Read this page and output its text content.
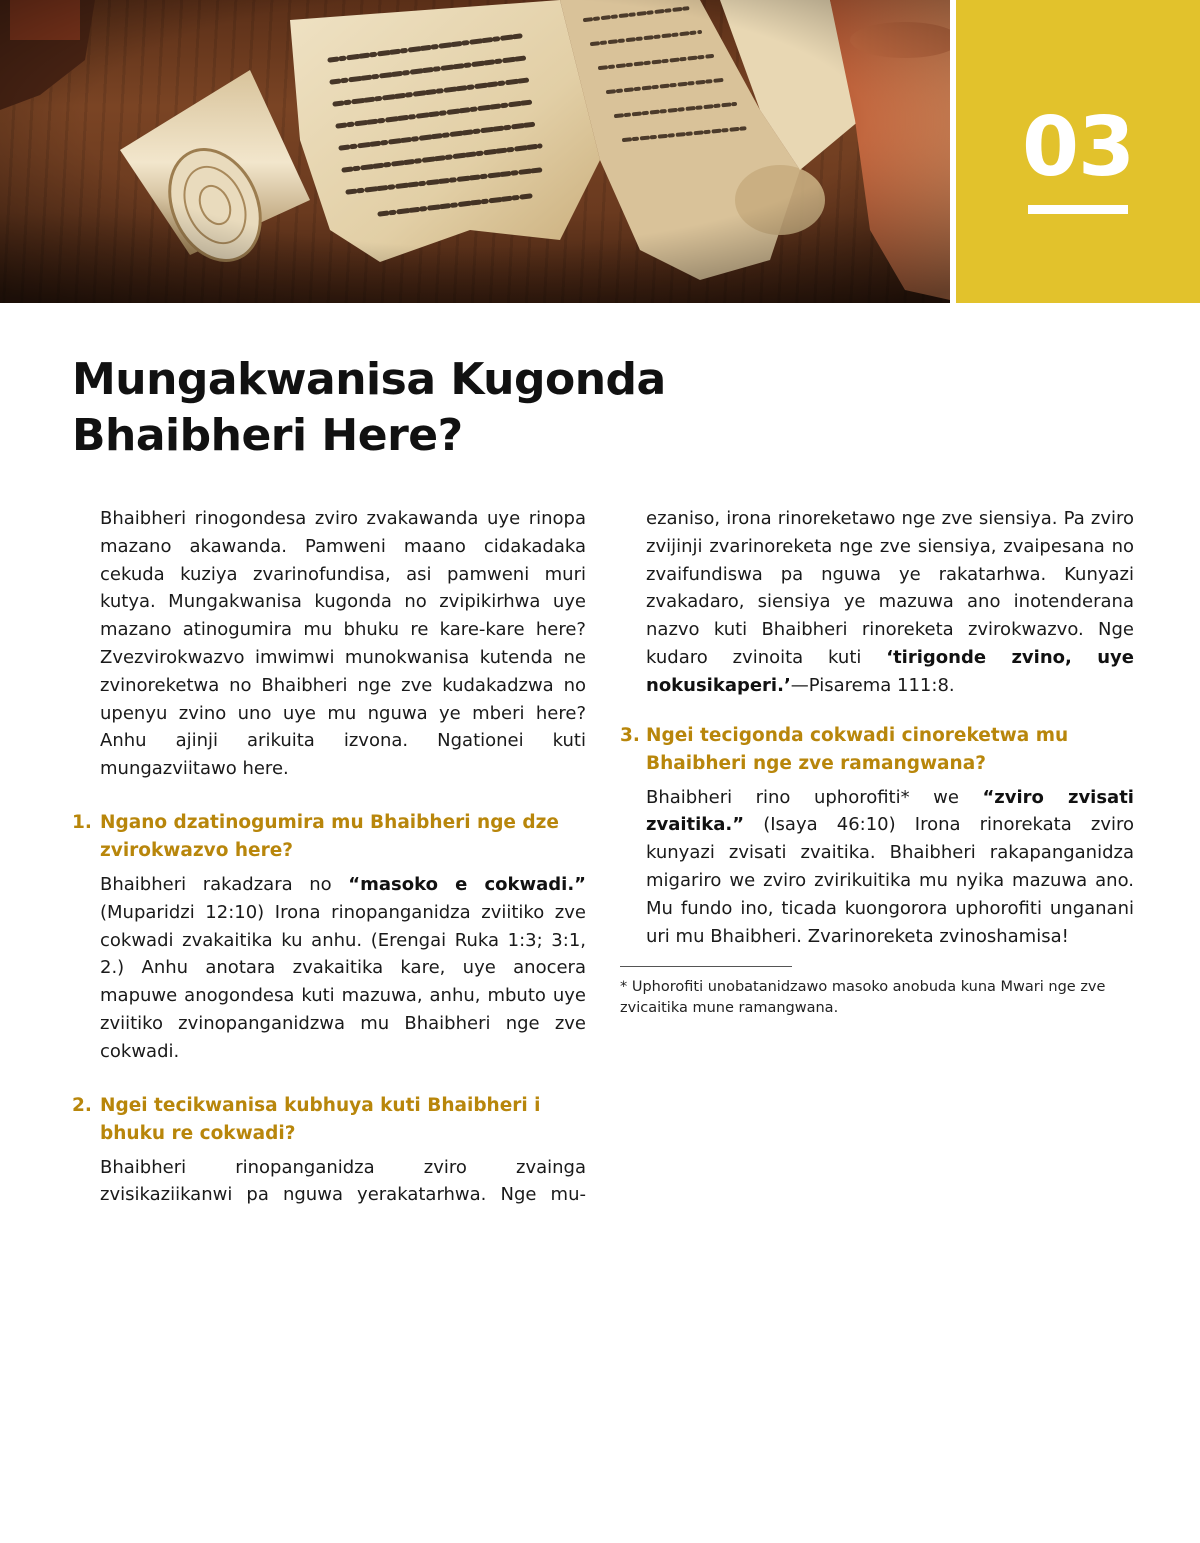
03
Mungakwanisa Kugonda
Bhaibheri Here?

Bhaibheri rinogondesa zviro zvakawanda uye rinopa mazano akawanda. Pamweni maano cidakadaka cekuda kuziya zvarinofundisa, asi pamweni muri kutya. Mungakwanisa kugonda no zvipikirhwa uye mazano atinogumira mu bhuku re kare-kare here? Zvezvirokwazvo imwimwi munokwanisa kutenda ne zvinoreketwa no Bhaibheri nge zve kudakadzwa no upenyu zvino uno uye mu nguwa ye mberi here? Anhu ajinji arikuita izvona. Ngationei kuti mungazviitawo here.

1. Ngano dzatinogumira mu Bhaibheri nge dze zvirokwazvo here?

Bhaibheri rakadzara no “masoko e cokwadi.” (Muparidzi 12:10) Irona rinopanganidza zviitiko zve cokwadi zvakaitika ku anhu. (Erengai Ruka 1:3; 3:1, 2.) Anhu anotara zvakaitika kare, uye anocera mapuwe anogondesa kuti mazuwa, anhu, mbuto uye zviitiko zvinopanganidzwa mu Bhaibheri nge zve cokwadi.

2. Ngei tecikwanisa kubhuya kuti Bhaibheri i bhuku re cokwadi?

Bhaibheri rinopanganidza zviro zvainga zvisikaziikanwi pa nguwa yerakatarhwa. Nge mu-

ezaniso, irona rinoreketawo nge zve siensiya. Pa zviro zvijinji zvarinoreketa nge zve siensiya, zvaipesana no zvaifundiswa pa nguwa ye rakatarhwa. Kunyazi zvakadaro, siensiya ye mazuwa ano inotenderana nazvo kuti Bhaibheri rinoreketa zvirokwazvo. Nge kudaro zvinoita kuti ‘tirigonde zvino, uye nokusikaperi.’—Pisarema 111:8.

3. Ngei tecigonda cokwadi cinoreketwa mu Bhaibheri nge zve ramangwana?

Bhaibheri rino uphorofiti* we “zviro zvisati zvaitika.” (Isaya 46:10) Irona rinorekata zviro kunyazi zvisati zvaitika. Bhaibheri rakapanganidza migariro we zviro zvirikuitika mu nyika mazuwa ano. Mu fundo ino, ticada kuongorora uphorofiti unganani uri mu Bhaibheri. Zvarinoreketa zvinoshamisa!

* Uphorofiti unobatanidzawo masoko anobuda kuna Mwari nge zve zvicaitika mune ramangwana.
